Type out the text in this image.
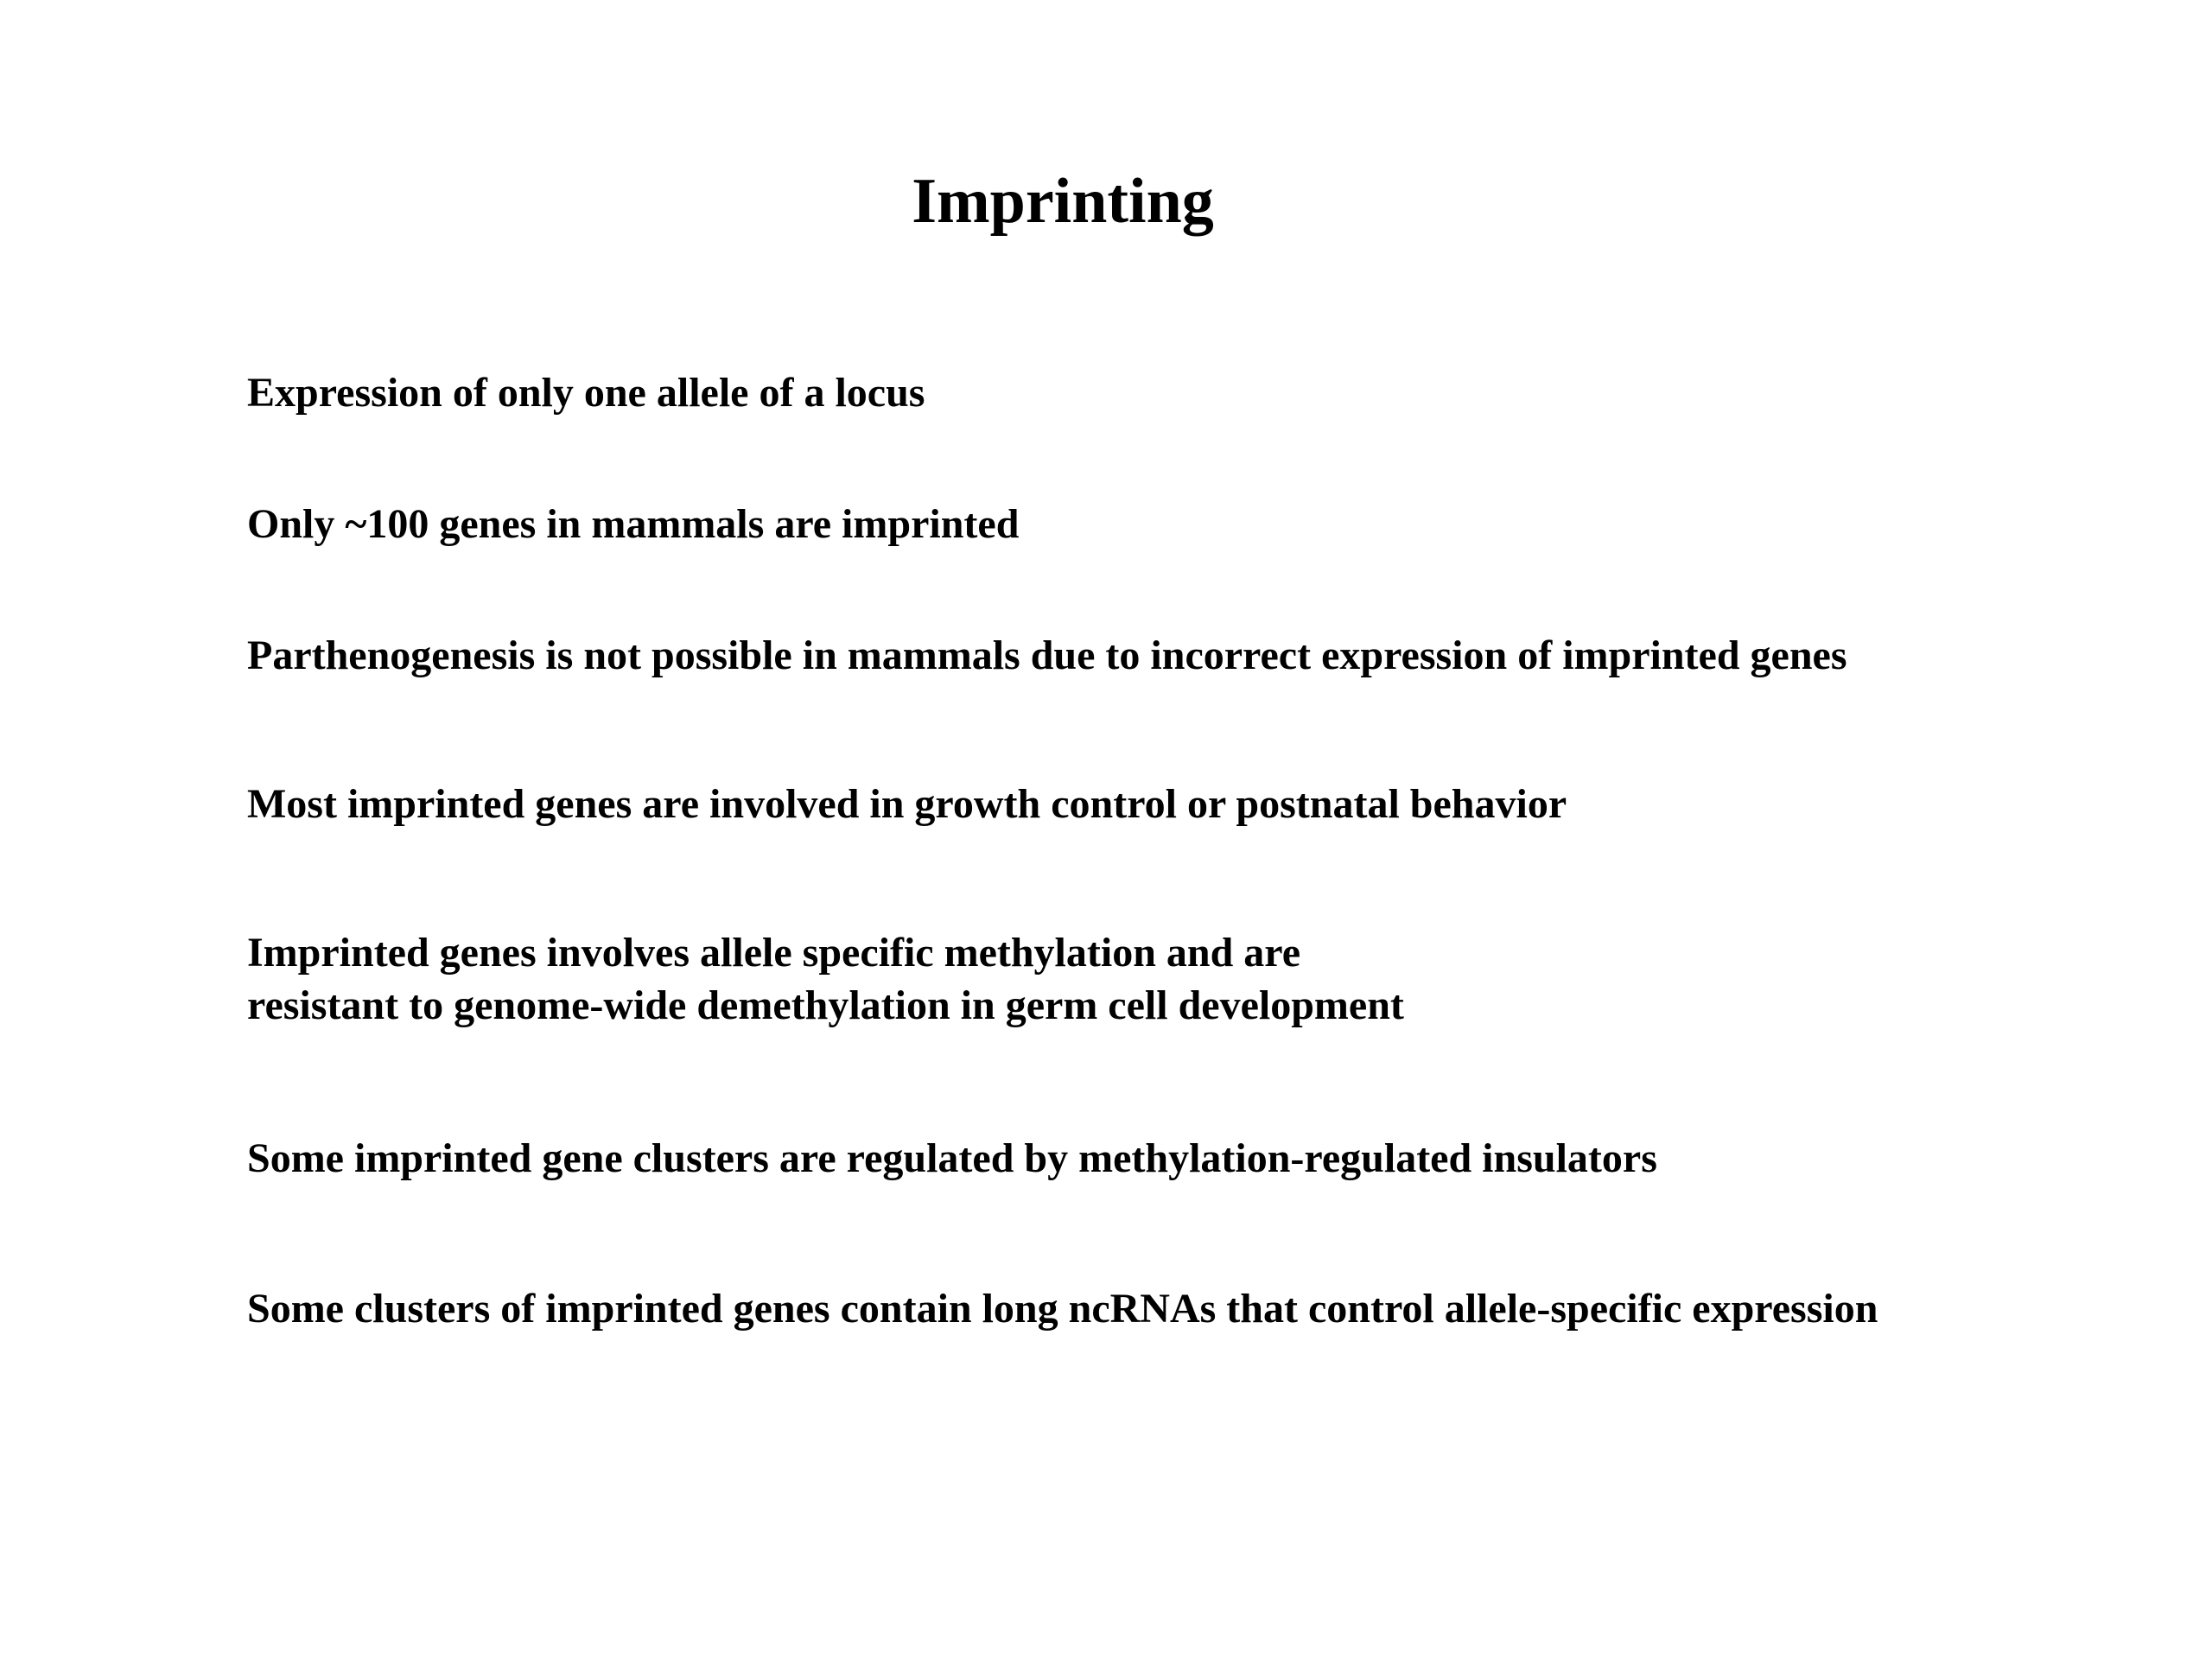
Imprinting

Expression of only one allele of a locus

Only ~100 genes in mammals are imprinted

Parthenogenesis is not possible in mammals due to incorrect expression of imprinted genes

Most imprinted genes are involved in growth control or postnatal behavior

Imprinted genes involves allele specific methylation and are
resistant to genome-wide demethylation in germ cell development

Some imprinted gene clusters are regulated by methylation-regulated insulators

Some clusters of imprinted genes contain long ncRNAs that control allele-specific expression
